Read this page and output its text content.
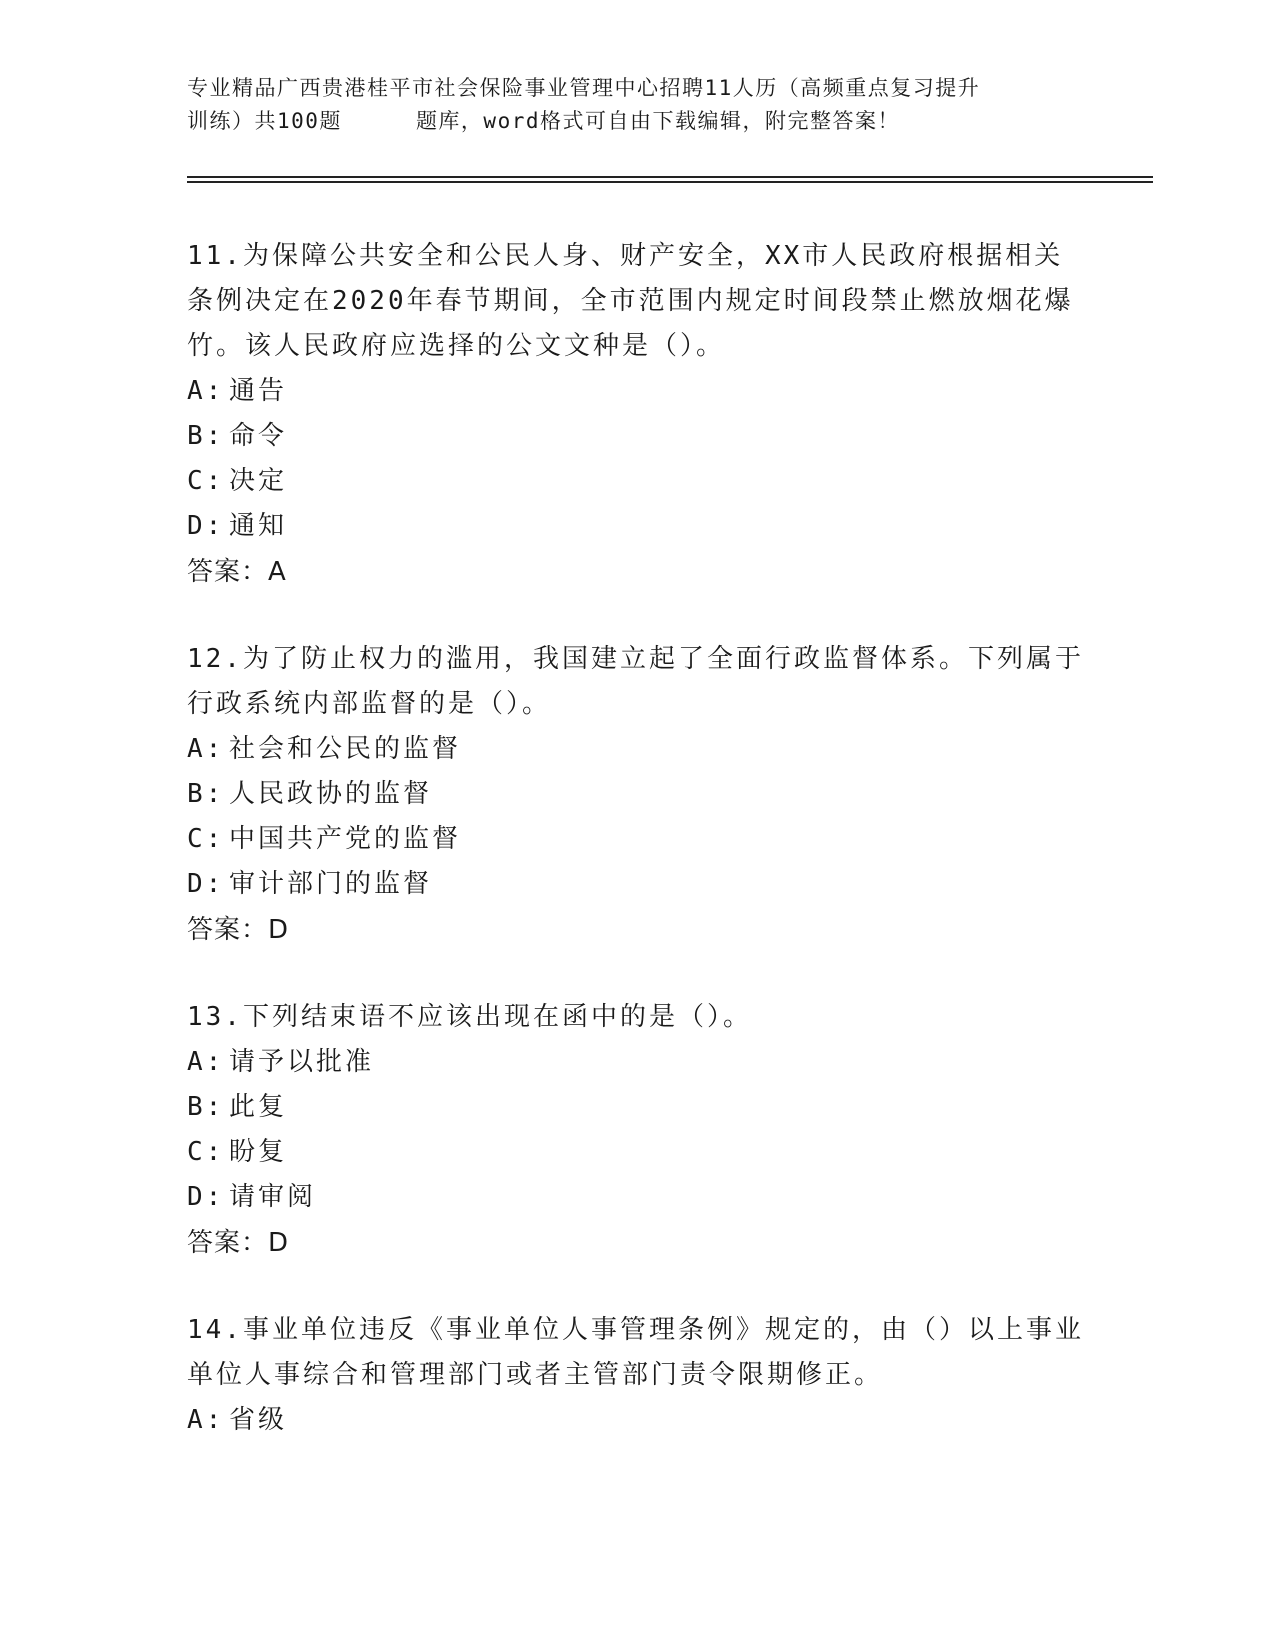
专业精品广西贵港桂平市社会保险事业管理中心招聘11人历（高频重点复习提升
训练）共100题	题库，word格式可自由下载编辑，附完整答案！

11.为保障公共安全和公民人身、财产安全，XX市人民政府根据相关条例决定在2020年春节期间，全市范围内规定时间段禁止燃放烟花爆竹。该人民政府应选择的公文文种是（）。

A: 通告

B: 命令

C: 决定

D: 通知

答案：A

12.为了防止权力的滥用，我国建立起了全面行政监督体系。下列属于行政系统内部监督的是（）。

A: 社会和公民的监督

B: 人民政协的监督

C: 中国共产党的监督

D: 审计部门的监督

答案：D

13.下列结束语不应该出现在函中的是（）。

A: 请予以批准

B: 此复

C: 盼复

D: 请审阅

答案：D

14.事业单位违反《事业单位人事管理条例》规定的，由（）以上事业单位人事综合和管理部门或者主管部门责令限期修正。

A: 省级
